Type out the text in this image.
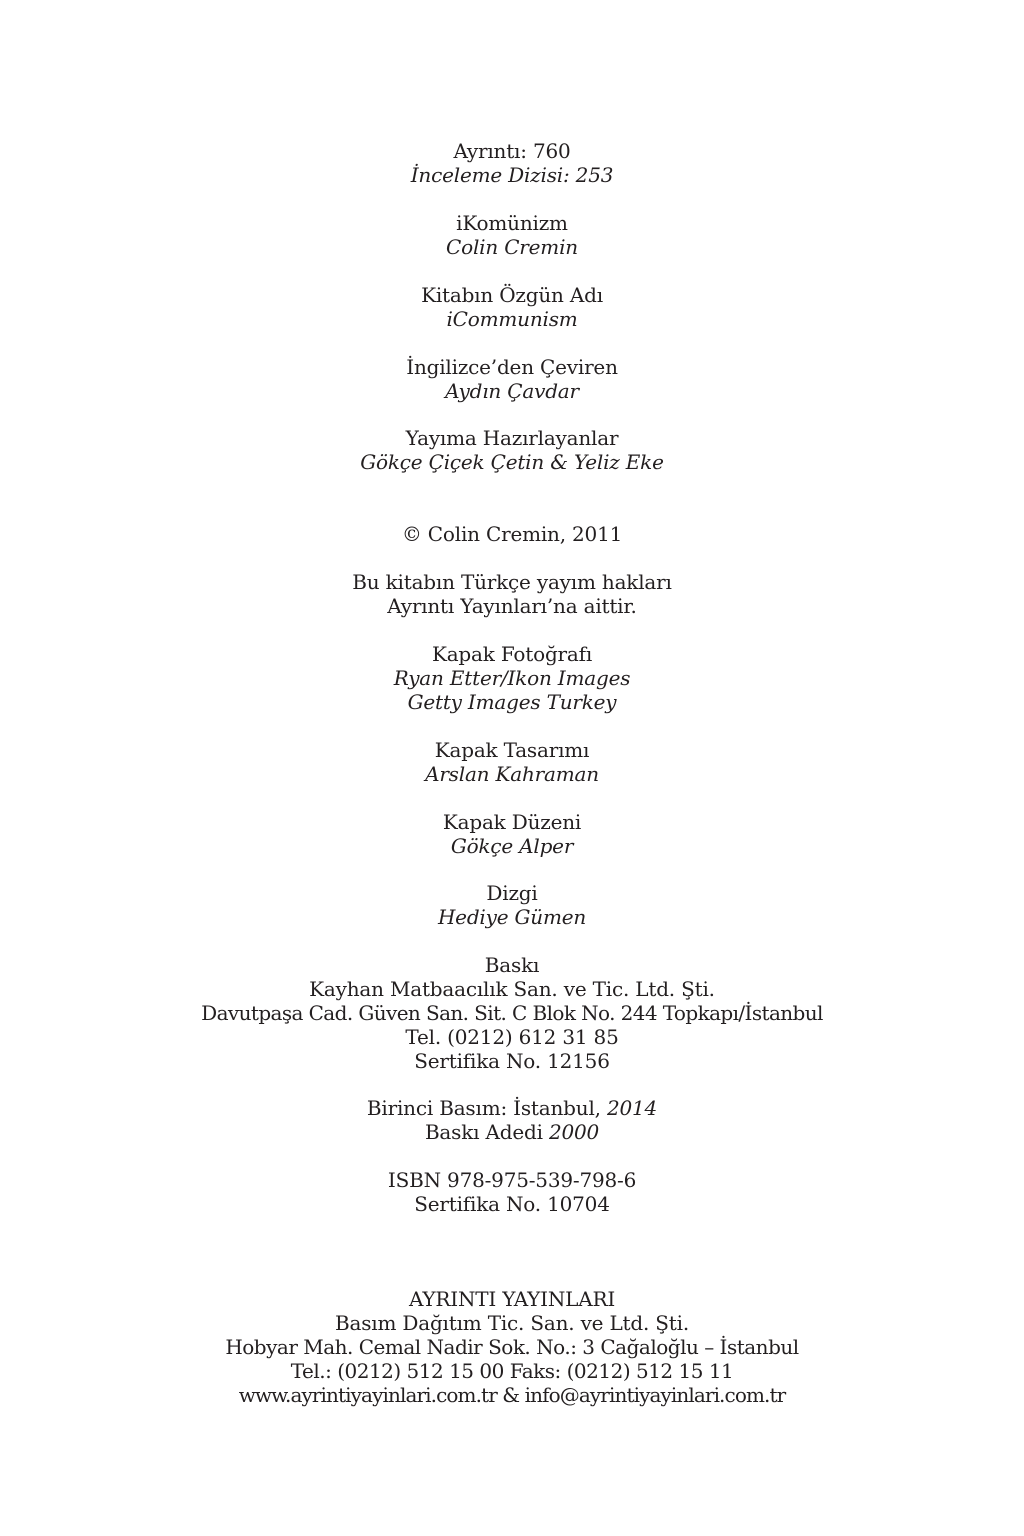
Ayrıntı: 760
İnceleme Dizisi: 253
iKomünizm
Colin Cremin
Kitabın Özgün Adı
iCommunism
İngilizce’den Çeviren
Aydın Çavdar
Yayıma Hazırlayanlar
Gökçe Çiçek Çetin & Yeliz Eke
© Colin Cremin, 2011
Bu kitabın Türkçe yayım hakları
Ayrıntı Yayınları’na aittir.
Kapak Fotoğrafı
Ryan Etter/Ikon Images
Getty Images Turkey
Kapak Tasarımı
Arslan Kahraman
Kapak Düzeni
Gökçe Alper
Dizgi
Hediye Gümen
Baskı
Kayhan Matbaacılık San. ve Tic. Ltd. Şti.
Davutpaşa Cad. Güven San. Sit. C Blok No. 244 Topkapı/İstanbul
Tel. (0212) 612 31 85
Sertifika No. 12156
Birinci Basım: İstanbul, 2014
Baskı Adedi 2000
ISBN 978-975-539-798-6
Sertifika No. 10704
AYRINTI YAYINLARI
Basım Dağıtım Tic. San. ve Ltd. Şti.
Hobyar Mah. Cemal Nadir Sok. No.: 3 Cağaloğlu – İstanbul
Tel.: (0212) 512 15 00 Faks: (0212) 512 15 11
www.ayrintiyayinlari.com.tr & info@ayrintiyayinlari.com.tr
